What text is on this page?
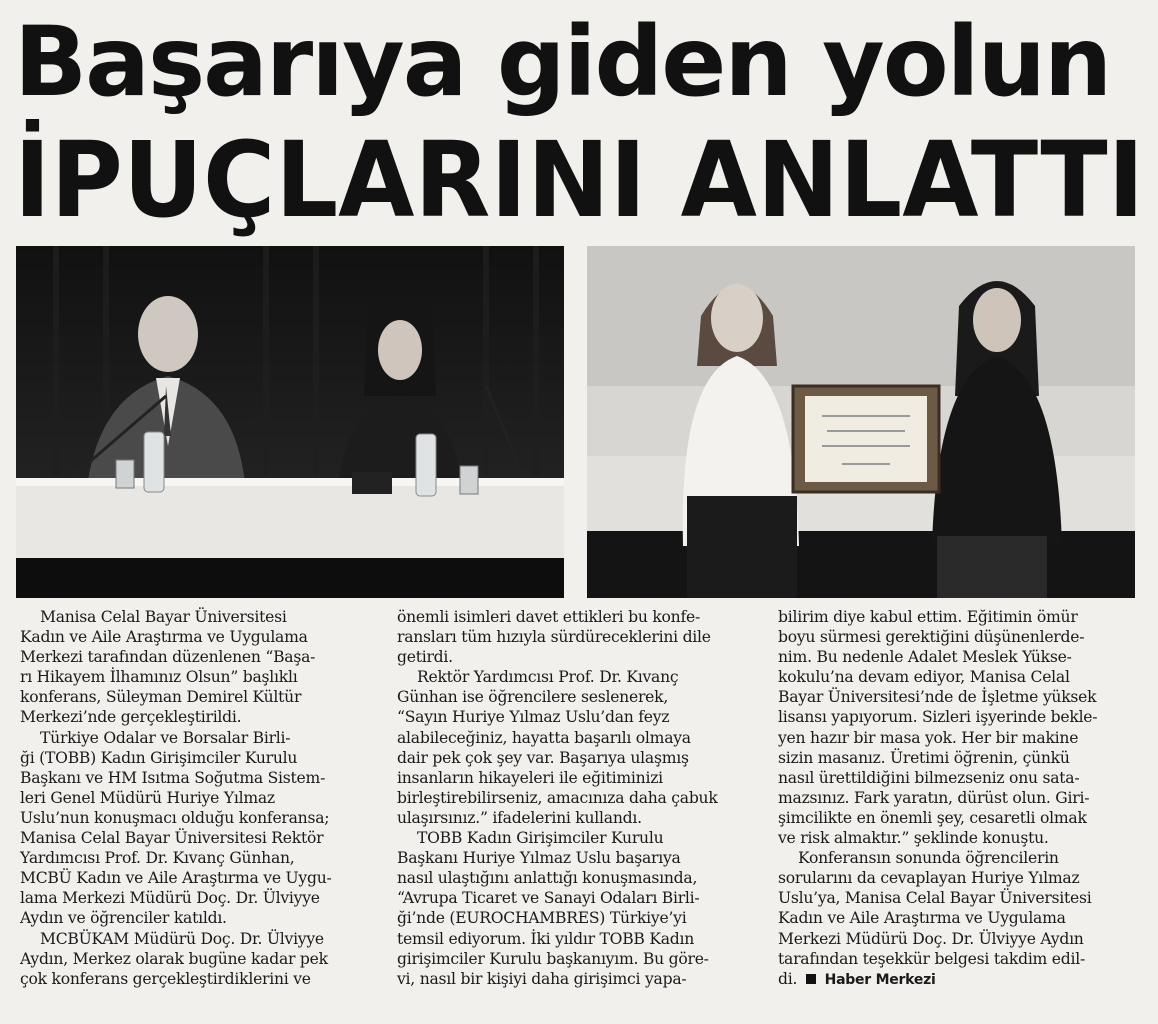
Başarıya giden yolun
İPUÇLARINI ANLATTI
Manisa Celal Bayar Üniversitesi
Kadın ve Aile Araştırma ve Uygulama
Merkezi tarafından düzenlenen “Başa-
rı Hikayem İlhamınız Olsun” başlıklı
konferans, Süleyman Demirel Kültür
Merkezi’nde gerçekleştirildi.
Türkiye Odalar ve Borsalar Birli-
ği (TOBB) Kadın Girişimciler Kurulu
Başkanı ve HM Isıtma Soğutma Sistem-
leri Genel Müdürü Huriye Yılmaz
Uslu’nun konuşmacı olduğu konferansa;
Manisa Celal Bayar Üniversitesi Rektör
Yardımcısı Prof. Dr. Kıvanç Günhan,
MCBÜ Kadın ve Aile Araştırma ve Uygu-
lama Merkezi Müdürü Doç. Dr. Ülviyye
Aydın ve öğrenciler katıldı.
MCBÜKAM Müdürü Doç. Dr. Ülviyye
Aydın, Merkez olarak bugüne kadar pek
çok konferans gerçekleştirdiklerini ve
önemli isimleri davet ettikleri bu konfe-
ransları tüm hızıyla sürdüreceklerini dile
getirdi.
Rektör Yardımcısı Prof. Dr. Kıvanç
Günhan ise öğrencilere seslenerek,
“Sayın Huriye Yılmaz Uslu’dan feyz
alabileceğiniz, hayatta başarılı olmaya
dair pek çok şey var. Başarıya ulaşmış
insanların hikayeleri ile eğitiminizi
birleştirebilirseniz, amacınıza daha çabuk
ulaşırsınız.” ifadelerini kullandı.
TOBB Kadın Girişimciler Kurulu
Başkanı Huriye Yılmaz Uslu başarıya
nasıl ulaştığını anlattığı konuşmasında,
“Avrupa Ticaret ve Sanayi Odaları Birli-
ği’nde (EUROCHAMBRES) Türkiye’yi
temsil ediyorum. İki yıldır TOBB Kadın
girişimciler Kurulu başkanıyım. Bu göre-
vi, nasıl bir kişiyi daha girişimci yapa-
bilirim diye kabul ettim. Eğitimin ömür
boyu sürmesi gerektiğini düşünenlerde-
nim. Bu nedenle Adalet Meslek Yükse-
kokulu’na devam ediyor, Manisa Celal
Bayar Üniversitesi’nde de İşletme yüksek
lisansı yapıyorum. Sizleri işyerinde bekle-
yen hazır bir masa yok. Her bir makine
sizin masanız. Üretimi öğrenin, çünkü
nasıl ürettildiğini bilmezseniz onu sata-
mazsınız. Fark yaratın, dürüst olun. Giri-
şimcilikte en önemli şey, cesaretli olmak
ve risk almaktır.” şeklinde konuştu.
Konferansın sonunda öğrencilerin
sorularını da cevaplayan Huriye Yılmaz
Uslu’ya, Manisa Celal Bayar Üniversitesi
Kadın ve Aile Araştırma ve Uygulama
Merkezi Müdürü Doç. Dr. Ülviyye Aydın
tarafından teşekkür belgesi takdim edil-
di. Haber Merkezi
